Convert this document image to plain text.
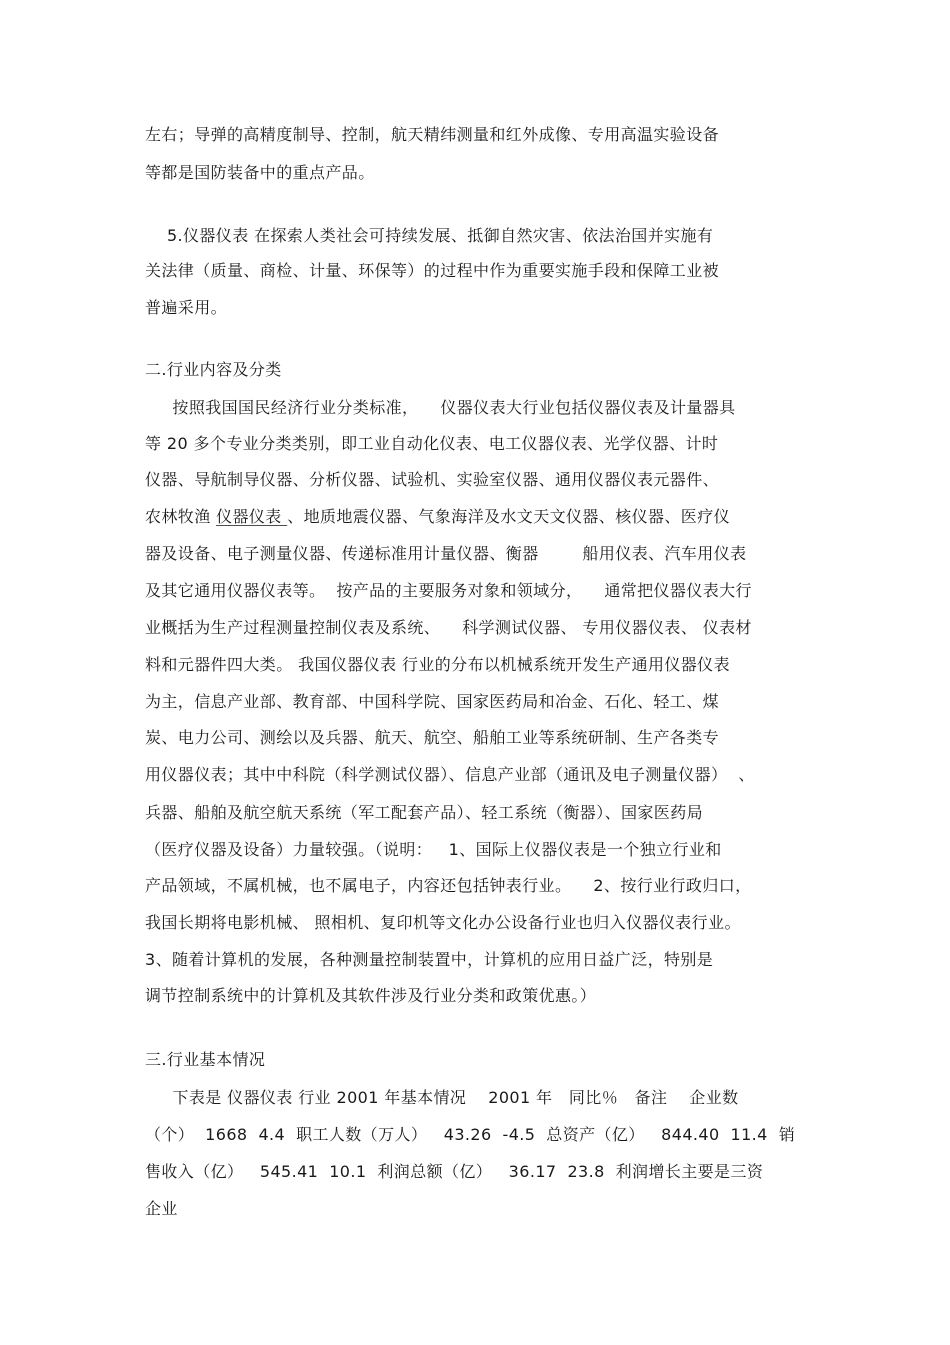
左右；导弹的高精度制导、控制，航天精纬测量和红外成像、专用高温实验设备
等都是国防装备中的重点产品。
5.仪器仪表 在探索人类社会可持续发展、抵御自然灾害、依法治国并实施有
关法律（质量、商检、计量、环保等）的过程中作为重要实施手段和保障工业被
普遍采用。
二.行业内容及分类
按照我国国民经济行业分类标准，    仪器仪表大行业包括仪器仪表及计量器具
等 20 多个专业分类类别，即工业自动化仪表、电工仪器仪表、光学仪器、计时
仪器、导航制导仪器、分析仪器、试验机、实验室仪器、通用仪器仪表元器件、
农林牧渔 仪器仪表 、地质地震仪器、气象海洋及水文天文仪器、核仪器、医疗仪
器及设备、电子测量仪器、传递标准用计量仪器、衡器        船用仪表、汽车用仪表
及其它通用仪器仪表等。  按产品的主要服务对象和领域分，    通常把仪器仪表大行
业概括为生产过程测量控制仪表及系统、    科学测试仪器、 专用仪器仪表、 仪表材
料和元器件四大类。 我国仪器仪表 行业的分布以机械系统开发生产通用仪器仪表
为主，信息产业部、教育部、中国科学院、国家医药局和冶金、石化、轻工、煤
炭、电力公司、测绘以及兵器、航天、航空、船舶工业等系统研制、生产各类专
用仪器仪表；其中中科院（科学测试仪器）、信息产业部（通讯及电子测量仪器）  、
兵器、船舶及航空航天系统（军工配套产品）、轻工系统（衡器）、国家医药局
（医疗仪器及设备）力量较强。（说明：   1、国际上仪器仪表是一个独立行业和
产品领域，不属机械，也不属电子，内容还包括钟表行业。    2、按行业行政归口，
我国长期将电影机械、 照相机、复印机等文化办公设备行业也归入仪器仪表行业。
3、随着计算机的发展，各种测量控制装置中，计算机的应用日益广泛，特别是
调节控制系统中的计算机及其软件涉及行业分类和政策优惠。）
三.行业基本情况
下表是 仪器仪表 行业 2001 年基本情况    2001 年   同比％   备注    企业数
（个）  1668  4.4  职工人数（万人）   43.26  -4.5  总资产（亿）   844.40  11.4  销
售收入（亿）   545.41  10.1  利润总额（亿）   36.17  23.8  利润增长主要是三资
企业
